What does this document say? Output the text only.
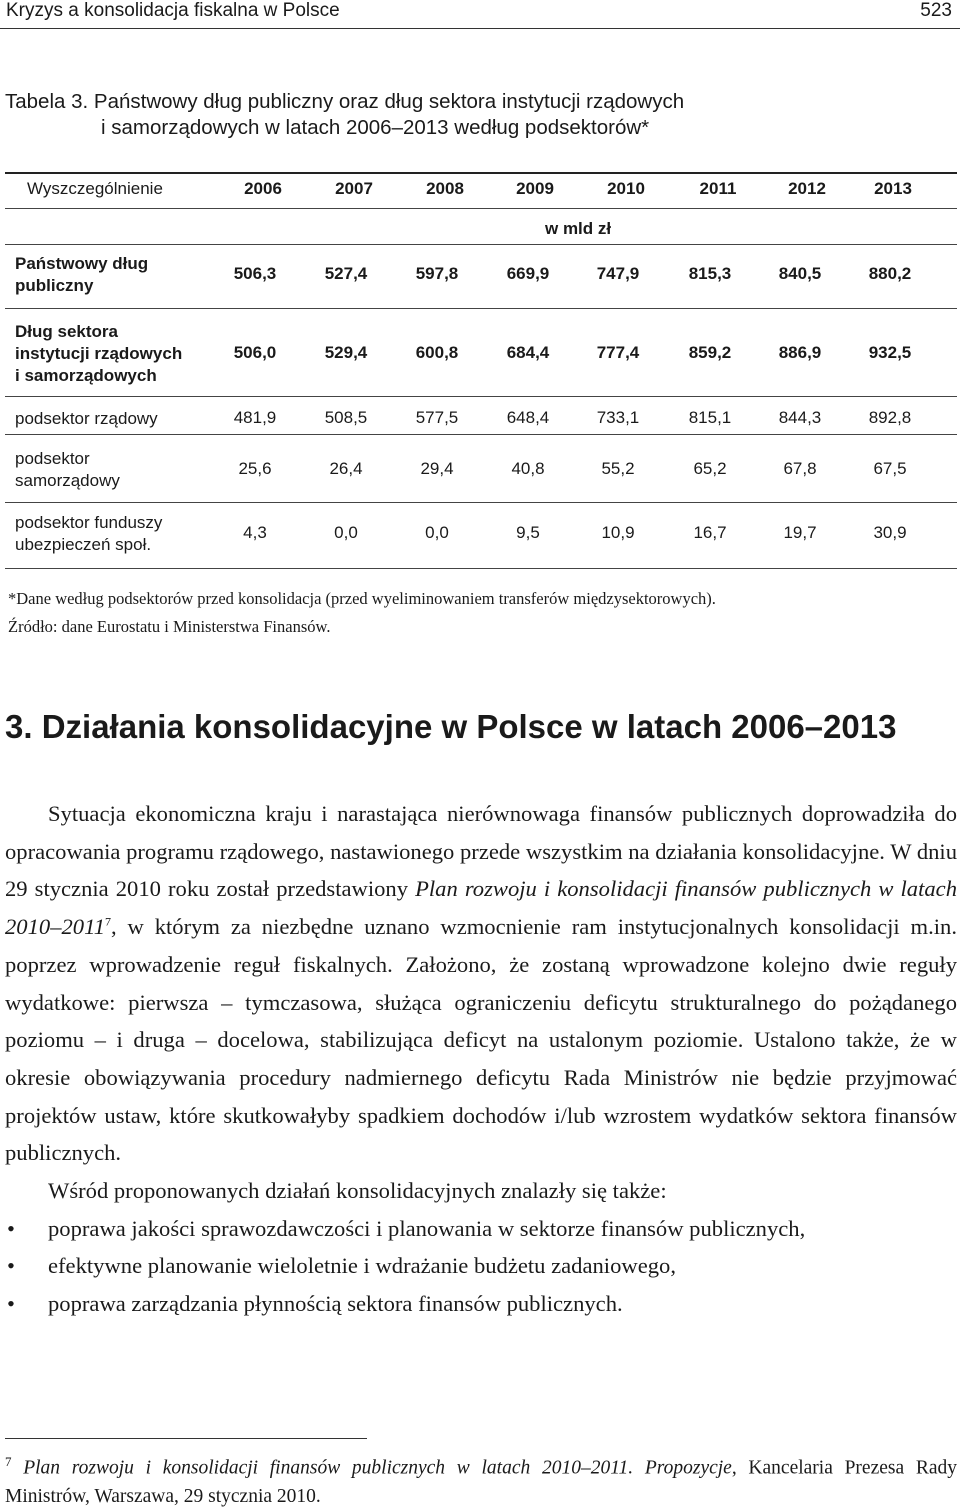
Kryzys a konsolidacja fiskalna w Polsce	523
Tabela 3. Państwowy dług publiczny oraz dług sektora instytucji rządowych
i samorządowych w latach 2006–2013 według podsektorów*
Wyszczególnienie	2006	2007	2008	2009	2010	2011	2012	2013
w mld zł
Państwowy dług
publiczny
506,3	527,4	597,8	669,9	747,9	815,3	840,5	880,2
Dług sektora
instytucji rządowych
i samorządowych
506,0	529,4	600,8	684,4	777,4	859,2	886,9	932,5
podsektor rządowy	481,9	508,5	577,5	648,4	733,1	815,1	844,3	892,8
podsektor
samorządowy
25,6	26,4	29,4	40,8	55,2	65,2	67,8	67,5
podsektor funduszy
ubezpieczeń społ.
4,3	0,0	0,0	9,5	10,9	16,7	19,7	30,9
*Dane według podsektorów przed konsolidacja (przed wyeliminowaniem transferów międzysektorowych).
Źródło: dane Eurostatu i Ministerstwa Finansów.
3. Działania konsolidacyjne w Polsce w latach 2006–2013

Sytuacja ekonomiczna kraju i narastająca nierównowaga finansów publicznych doprowadziła do opracowania programu rządowego, nastawionego przede wszystkim na działania konsolidacyjne. W dniu 29 stycznia 2010 roku został przedstawiony Plan rozwoju i konsolidacji finansów publicznych w latach 2010–2011$^7$, w którym za niezbędne uznano wzmocnienie ram instytucjonalnych konsolidacji m.in. poprzez wprowadzenie reguł fiskalnych. Założono, że zostaną wprowadzone kolejno dwie reguły wydatkowe: pierwsza – tymczasowa, służąca ograniczeniu deficytu strukturalnego do pożądanego poziomu – i druga – docelowa, stabilizująca deficyt na ustalonym poziomie. Ustalono także, że w okresie obowiązywania procedury nadmiernego deficytu Rada Ministrów nie będzie przyjmować projektów ustaw, które skutkowałyby spadkiem dochodów i/lub wzrostem wydatków sektora finansów publicznych.

Wśród proponowanych działań konsolidacyjnych znalazły się także:

• poprawa jakości sprawozdawczości i planowania w sektorze finansów publicznych,
• efektywne planowanie wieloletnie i wdrażanie budżetu zadaniowego,
• poprawa zarządzania płynnością sektora finansów publicznych.
$^7$ Plan rozwoju i konsolidacji finansów publicznych w latach 2010–2011. Propozycje, Kancelaria Prezesa Rady Ministrów, Warszawa, 29 stycznia 2010.
